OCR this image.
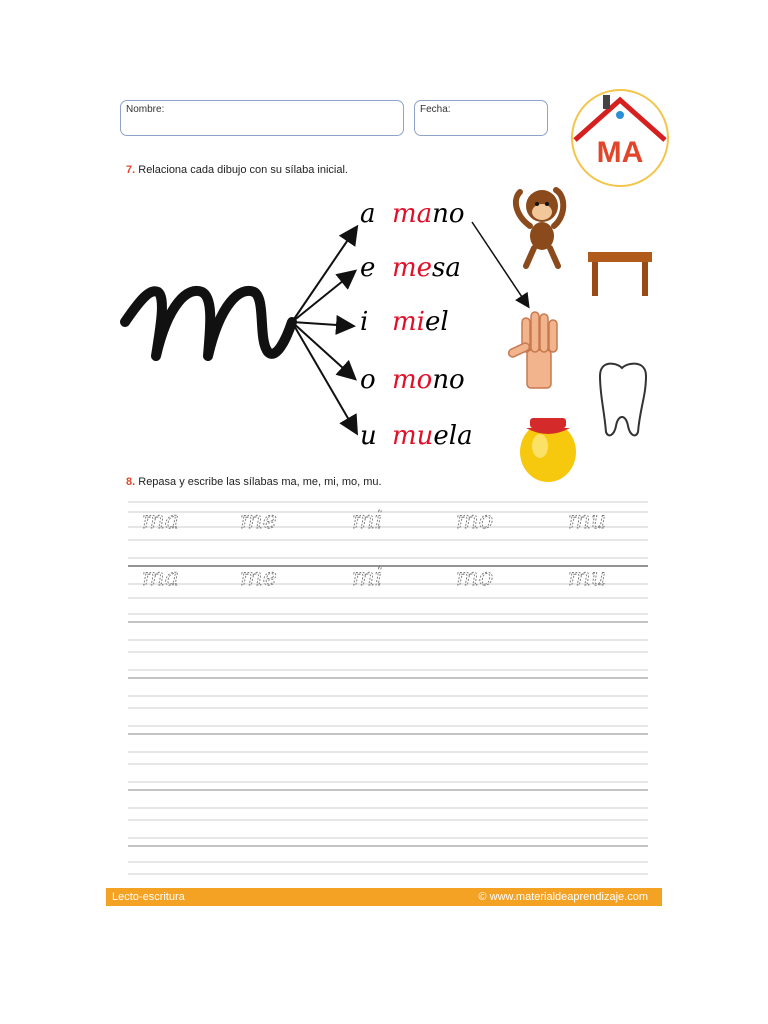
Nombre:	Fecha:
7. Relaciona cada dibujo con su sílaba inicial.
8. Repasa y escribe las sílabas ma, me, mi, mo, mu.
MA
a mano
e mesa
i miel
o mono
u muela
ma	me	mi	mo	mu
ma	me	mi	mo	mu
Lecto-escritura	© www.materialdeaprendizaje.com
